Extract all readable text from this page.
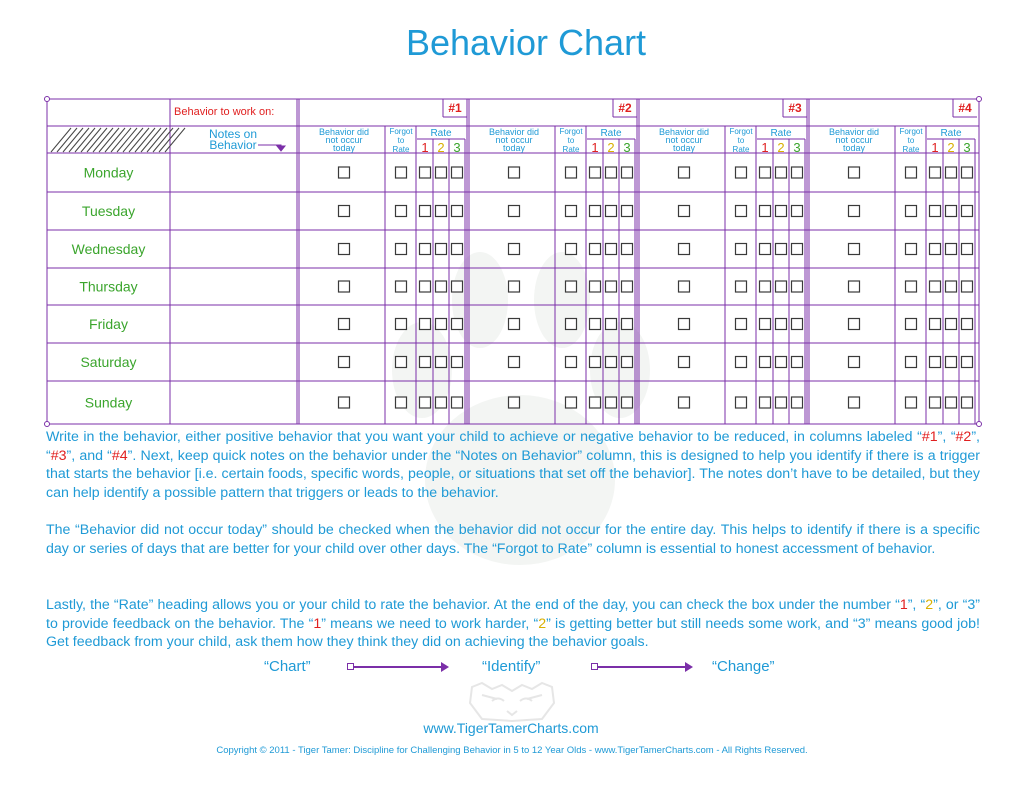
Behavior Chart
Behavior to work on:
Notes on
Behavior
Monday
Tuesday
Wednesday
Thursday
Friday
Saturday
Sunday
#1
Behavior did
not occur
today
Forgot
to
Rate
Rate
1 2 3
#2
Behavior did
not occur
today
Forgot
to
Rate
Rate
1 2 3
#3
Behavior did
not occur
today
Forgot
to
Rate
Rate
1 2 3
#4
Behavior did
not occur
today
Forgot
to
Rate
Rate
1 2 3

Write in the behavior, either positive behavior that you want your child to achieve or negative behavior to be reduced, in columns labeled “#1”, “#2”, “#3”, and “#4”. Next, keep quick notes on the behavior under the “Notes on Behavior” column, this is designed to help you identify if there is a trigger that starts the behavior [i.e. certain foods, specific words, people, or situations that set off the behavior]. The notes don’t have to be detailed, but they can help identify a possible pattern that triggers or leads to the behavior.

The “Behavior did not occur today” should be checked when the behavior did not occur for the entire day. This helps to identify if there is a specific day or series of days that are better for your child over other days. The “Forgot to Rate” column is essential to honest accessment of behavior.

Lastly, the “Rate” heading allows you or your child to rate the behavior. At the end of the day, you can check the box under the number “1”, “2”, or “3” to provide feedback on the behavior. The “1” means we need to work harder, “2” is getting better but still needs some work, and “3” means good job! Get feedback from your child, ask them how they think they did on achieving the behavior goals.

“Chart”	“Identify”	“Change”
www.TigerTamerCharts.com
Copyright © 2011 - Tiger Tamer: Discipline for Challenging Behavior in 5 to 12 Year Olds - www.TigerTamerCharts.com - All Rights Reserved.
